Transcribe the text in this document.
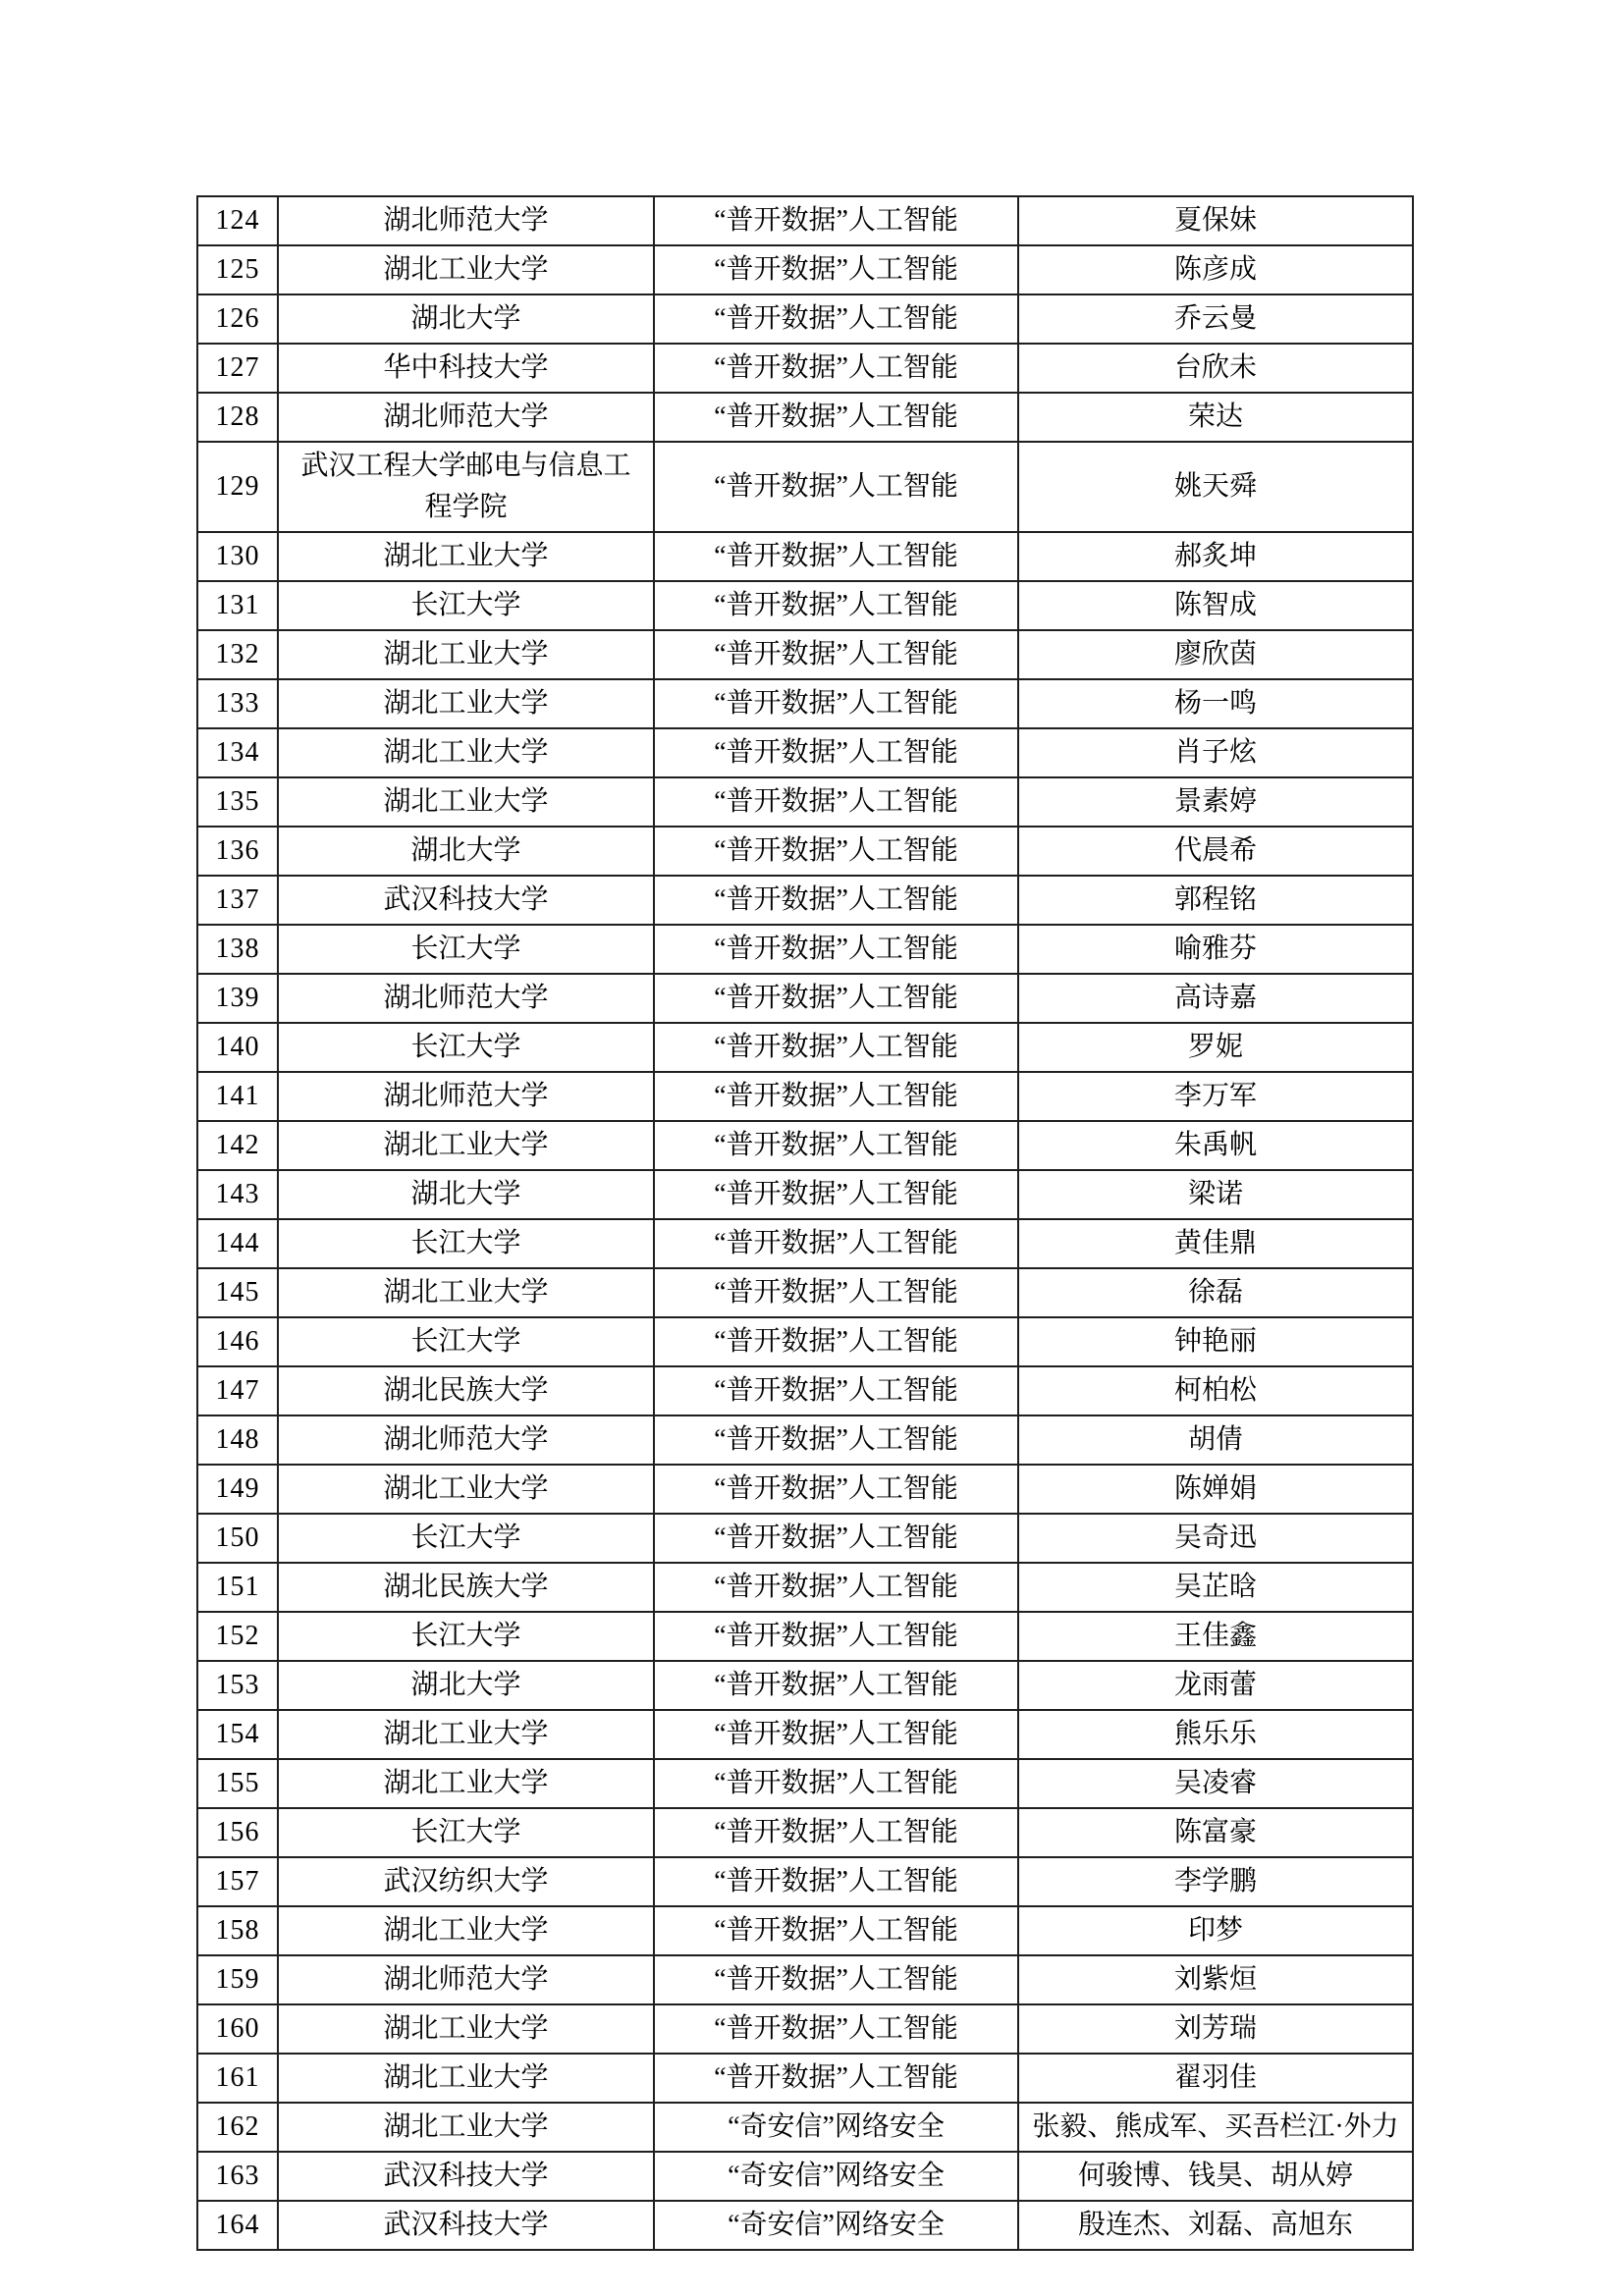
124	湖北师范大学	“普开数据”人工智能	夏保妹
125	湖北工业大学	“普开数据”人工智能	陈彦成
126	湖北大学	“普开数据”人工智能	乔云曼
127	华中科技大学	“普开数据”人工智能	台欣未
128	湖北师范大学	“普开数据”人工智能	荣达
129	武汉工程大学邮电与信息工程学院	“普开数据”人工智能	姚天舜
130	湖北工业大学	“普开数据”人工智能	郝炙坤
131	长江大学	“普开数据”人工智能	陈智成
132	湖北工业大学	“普开数据”人工智能	廖欣茵
133	湖北工业大学	“普开数据”人工智能	杨一鸣
134	湖北工业大学	“普开数据”人工智能	肖子炫
135	湖北工业大学	“普开数据”人工智能	景素婷
136	湖北大学	“普开数据”人工智能	代晨希
137	武汉科技大学	“普开数据”人工智能	郭程铭
138	长江大学	“普开数据”人工智能	喻雅芬
139	湖北师范大学	“普开数据”人工智能	高诗嘉
140	长江大学	“普开数据”人工智能	罗妮
141	湖北师范大学	“普开数据”人工智能	李万军
142	湖北工业大学	“普开数据”人工智能	朱禹帆
143	湖北大学	“普开数据”人工智能	梁诺
144	长江大学	“普开数据”人工智能	黄佳鼎
145	湖北工业大学	“普开数据”人工智能	徐磊
146	长江大学	“普开数据”人工智能	钟艳丽
147	湖北民族大学	“普开数据”人工智能	柯柏松
148	湖北师范大学	“普开数据”人工智能	胡倩
149	湖北工业大学	“普开数据”人工智能	陈婵娟
150	长江大学	“普开数据”人工智能	吴奇迅
151	湖北民族大学	“普开数据”人工智能	吴芷晗
152	长江大学	“普开数据”人工智能	王佳鑫
153	湖北大学	“普开数据”人工智能	龙雨蕾
154	湖北工业大学	“普开数据”人工智能	熊乐乐
155	湖北工业大学	“普开数据”人工智能	吴凌睿
156	长江大学	“普开数据”人工智能	陈富豪
157	武汉纺织大学	“普开数据”人工智能	李学鹏
158	湖北工业大学	“普开数据”人工智能	印梦
159	湖北师范大学	“普开数据”人工智能	刘紫烜
160	湖北工业大学	“普开数据”人工智能	刘芳瑞
161	湖北工业大学	“普开数据”人工智能	翟羽佳
162	湖北工业大学	“奇安信”网络安全	张毅、熊成军、买吾栏江·外力
163	武汉科技大学	“奇安信”网络安全	何骏博、钱昊、胡从婷
164	武汉科技大学	“奇安信”网络安全	殷连杰、刘磊、高旭东
